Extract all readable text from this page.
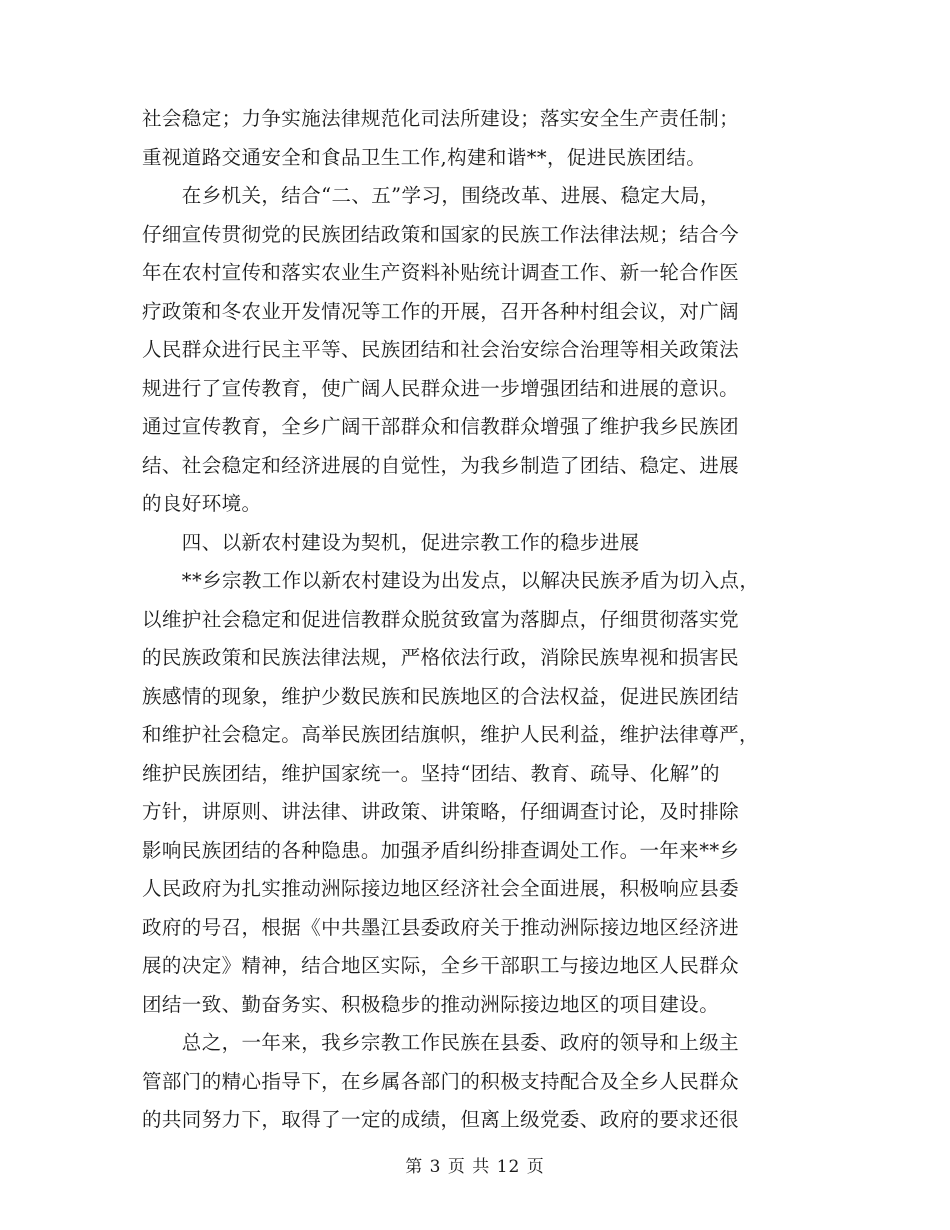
社会稳定；力争实施法律规范化司法所建设；落实安全生产责任制；
重视道路交通安全和食品卫生工作,构建和谐**，促进民族团结。
　　在乡机关，结合“二、五”学习，围绕改革、进展、稳定大局，
仔细宣传贯彻党的民族团结政策和国家的民族工作法律法规；结合今
年在农村宣传和落实农业生产资料补贴统计调查工作、新一轮合作医
疗政策和冬农业开发情况等工作的开展，召开各种村组会议，对广阔
人民群众进行民主平等、民族团结和社会治安综合治理等相关政策法
规进行了宣传教育，使广阔人民群众进一步增强团结和进展的意识。
通过宣传教育，全乡广阔干部群众和信教群众增强了维护我乡民族团
结、社会稳定和经济进展的自觉性，为我乡制造了团结、稳定、进展
的良好环境。
　　四、以新农村建设为契机，促进宗教工作的稳步进展
　　**乡宗教工作以新农村建设为出发点，以解决民族矛盾为切入点，
以维护社会稳定和促进信教群众脱贫致富为落脚点，仔细贯彻落实党
的民族政策和民族法律法规，严格依法行政，消除民族卑视和损害民
族感情的现象，维护少数民族和民族地区的合法权益，促进民族团结
和维护社会稳定。高举民族团结旗帜，维护人民利益，维护法律尊严，
维护民族团结，维护国家统一。坚持“团结、教育、疏导、化解”的
方针，讲原则、讲法律、讲政策、讲策略，仔细调查讨论，及时排除
影响民族团结的各种隐患。加强矛盾纠纷排查调处工作。一年来**乡
人民政府为扎实推动洲际接边地区经济社会全面进展，积极响应县委
政府的号召，根据《中共墨江县委政府关于推动洲际接边地区经济进
展的决定》精神，结合地区实际，全乡干部职工与接边地区人民群众
团结一致、勤奋务实、积极稳步的推动洲际接边地区的项目建设。
　　总之，一年来，我乡宗教工作民族在县委、政府的领导和上级主
管部门的精心指导下，在乡属各部门的积极支持配合及全乡人民群众
的共同努力下，取得了一定的成绩，但离上级党委、政府的要求还很
第 3 页 共 12 页
